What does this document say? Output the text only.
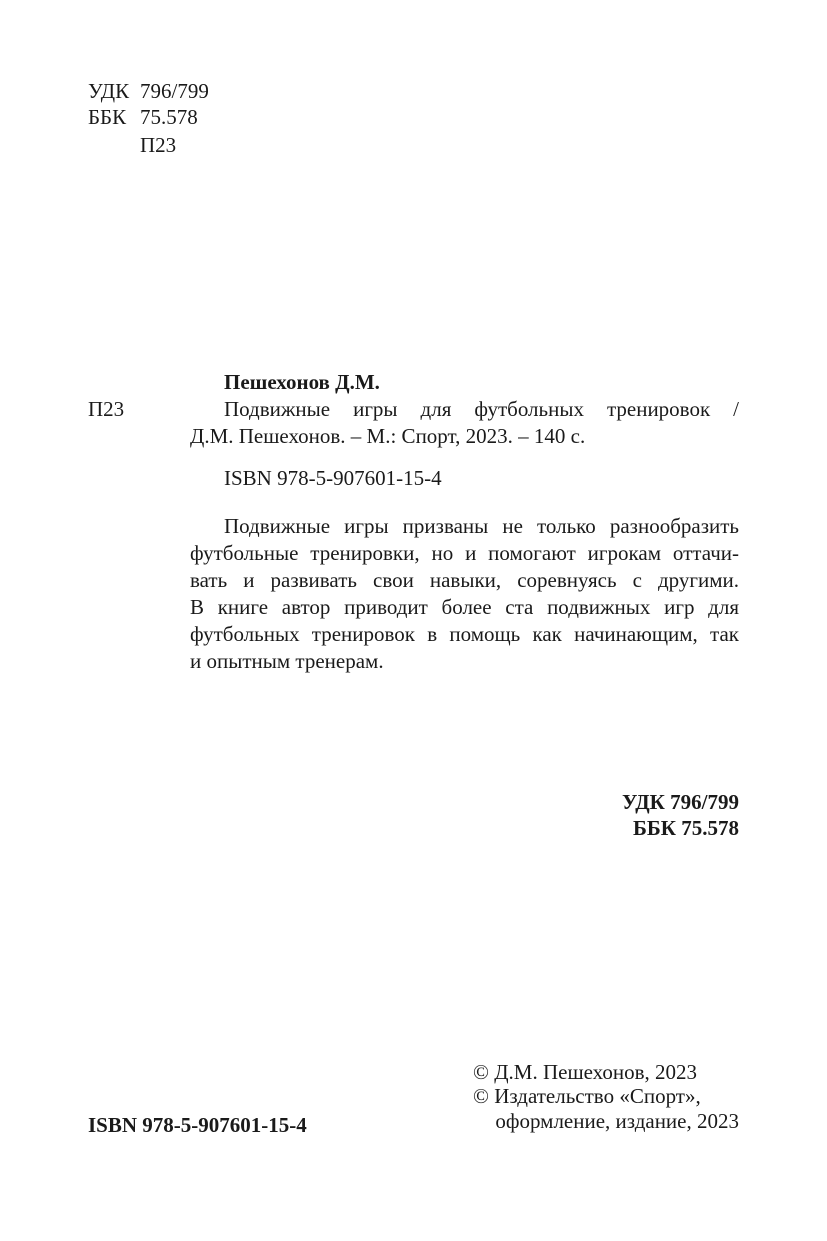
УДК 796/799
ББК 75.578
П23
Пешехонов Д.М.
П23	Подвижные игры для футбольных тренировок /
Д.М. Пешехонов. – М.: Спорт, 2023. – 140 с.
ISBN 978-5-907601-15-4
Подвижные игры призваны не только разнообразить
футбольные тренировки, но и помогают игрокам оттачи-
вать и развивать свои навыки, соревнуясь с другими.
В книге автор приводит более ста подвижных игр для
футбольных тренировок в помощь как начинающим, так
и опытным тренерам.
УДК 796/799
ББК 75.578
ISBN 978-5-907601-15-4
© Д.М. Пешехонов, 2023
© Издательство «Спорт»,
оформление, издание, 2023
